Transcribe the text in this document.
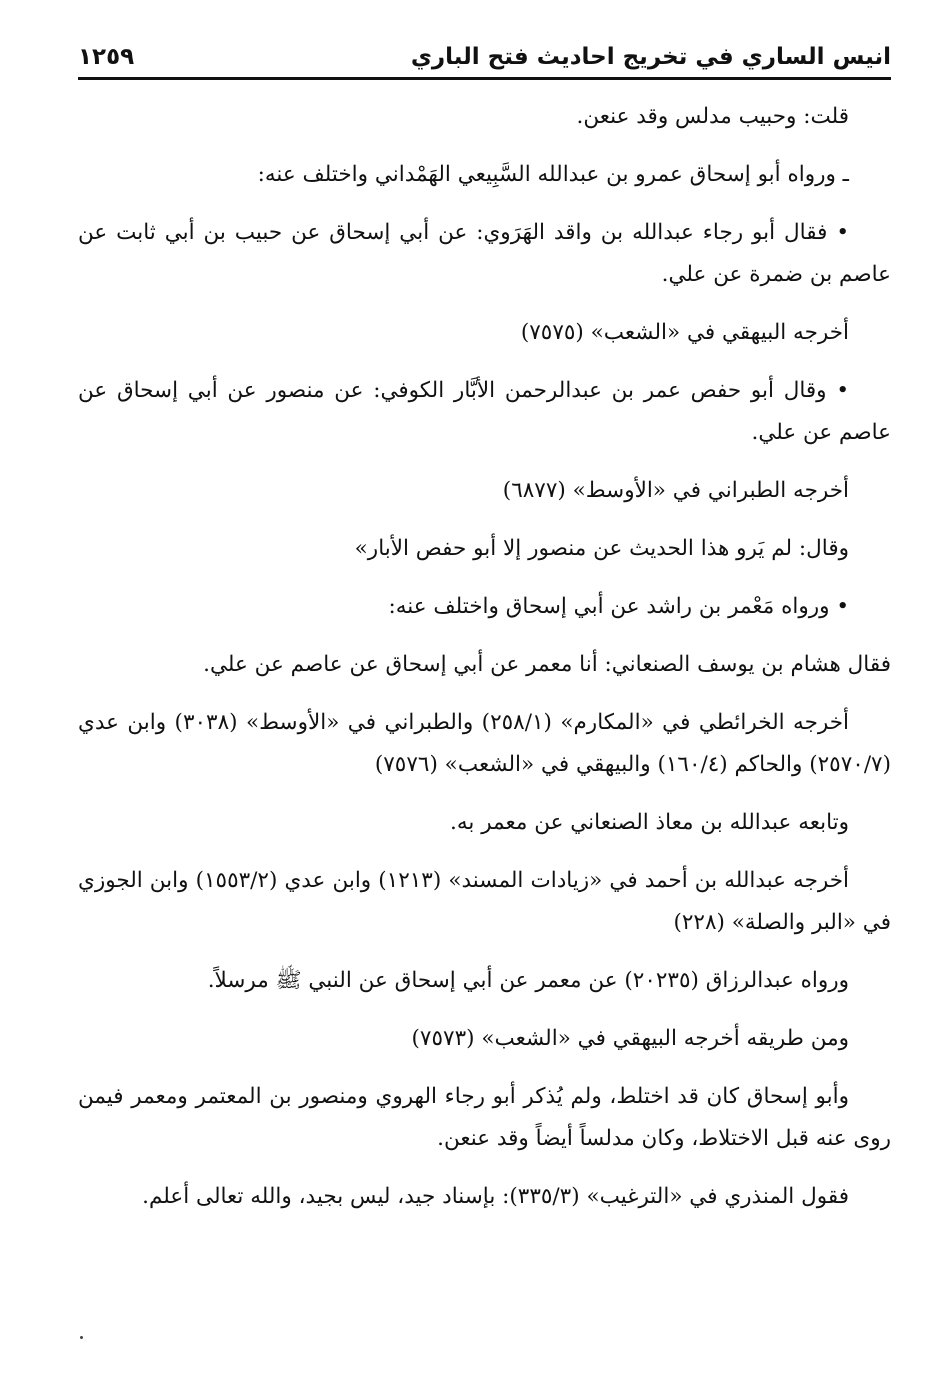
انيس الساري في تخريج احاديث فتح الباري
١٢٥٩

قلت: وحبيب مدلس وقد عنعن.

ـ ورواه أبو إسحاق عمرو بن عبدالله السَّبِيعي الهَمْداني واختلف عنه:

• فقال أبو رجاء عبدالله بن واقد الهَرَوي: عن أبي إسحاق عن حبيب بن أبي ثابت عن عاصم بن ضمرة عن علي.

أخرجه البيهقي في «الشعب» (٧٥٧٥)

• وقال أبو حفص عمر بن عبدالرحمن الأبَّار الكوفي: عن منصور عن أبي إسحاق عن عاصم عن علي.

أخرجه الطبراني في «الأوسط» (٦٨٧٧)

وقال: لم يَرو هذا الحديث عن منصور إلا أبو حفص الأبار»

• ورواه مَعْمر بن راشد عن أبي إسحاق واختلف عنه:

فقال هشام بن يوسف الصنعاني: أنا معمر عن أبي إسحاق عن عاصم عن علي.

أخرجه الخرائطي في «المكارم» (٢٥٨/١) والطبراني في «الأوسط» (٣٠٣٨) وابن عدي (٢٥٧٠/٧) والحاكم (١٦٠/٤) والبيهقي في «الشعب» (٧٥٧٦)

وتابعه عبدالله بن معاذ الصنعاني عن معمر به.

أخرجه عبدالله بن أحمد في «زيادات المسند» (١٢١٣) وابن عدي (١٥٥٣/٢) وابن الجوزي في «البر والصلة» (٢٢٨)

ورواه عبدالرزاق (٢٠٢٣٥) عن معمر عن أبي إسحاق عن النبي ﷺ مرسلاً.

ومن طريقه أخرجه البيهقي في «الشعب» (٧٥٧٣)

وأبو إسحاق كان قد اختلط، ولم يُذكر أبو رجاء الهروي ومنصور بن المعتمر ومعمر فيمن روى عنه قبل الاختلاط، وكان مدلساً أيضاً وقد عنعن.

فقول المنذري في «الترغيب» (٣٣٥/٣): بإسناد جيد، ليس بجيد، والله تعالى أعلم.
